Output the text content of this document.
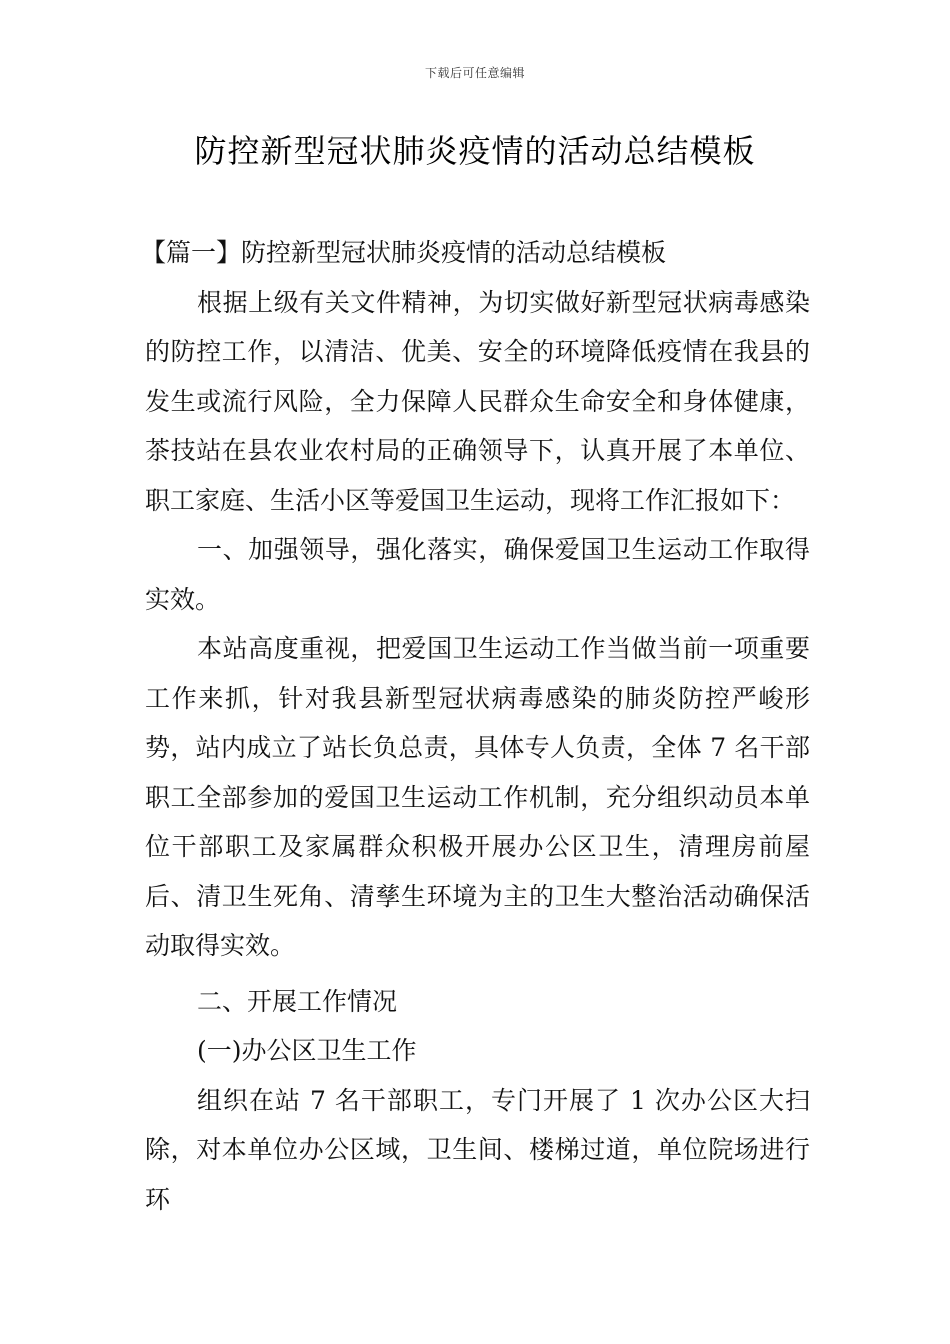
下载后可任意编辑
防控新型冠状肺炎疫情的活动总结模板

【篇一】防控新型冠状肺炎疫情的活动总结模板

根据上级有关文件精神，为切实做好新型冠状病毒感染的防控工作，以清洁、优美、安全的环境降低疫情在我县的发生或流行风险，全力保障人民群众生命安全和身体健康，茶技站在县农业农村局的正确领导下，认真开展了本单位、职工家庭、生活小区等爱国卫生运动，现将工作汇报如下：

一、加强领导，强化落实，确保爱国卫生运动工作取得实效。

本站高度重视，把爱国卫生运动工作当做当前一项重要工作来抓，针对我县新型冠状病毒感染的肺炎防控严峻形势，站内成立了站长负总责，具体专人负责，全体 7 名干部职工全部参加的爱国卫生运动工作机制，充分组织动员本单位干部职工及家属群众积极开展办公区卫生，清理房前屋后、清卫生死角、清孳生环境为主的卫生大整治活动确保活动取得实效。

二、开展工作情况

(一)办公区卫生工作

组织在站 7 名干部职工，专门开展了 1 次办公区大扫除，对本单位办公区域，卫生间、楼梯过道，单位院场进行环
